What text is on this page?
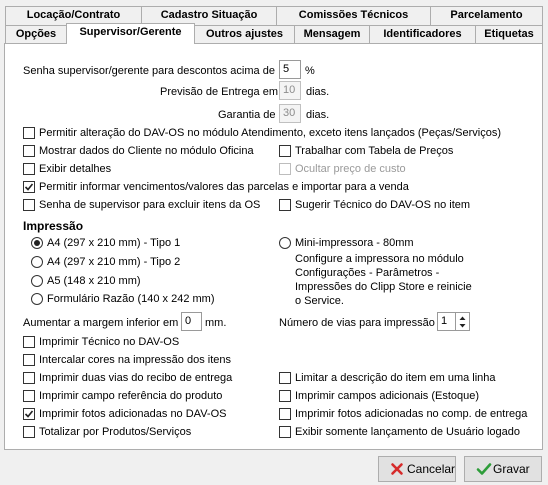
Locação/Contrato	Cadastro Situação	Comissões Técnicos	Parcelamento
Opções	Supervisor/Gerente	Outros ajustes	Mensagem	Identificadores	Etiquetas
Senha supervisor/gerente para descontos acima de 5	%
Previsão de Entrega em 10 dias.
Garantia de 30 dias.
Permitir alteração do DAV-OS no módulo Atendimento, exceto itens lançados (Peças/Serviços)
Mostrar dados do Cliente no módulo Oficina	Trabalhar com Tabela de Preços
Exibir detalhes	Ocultar preço de custo
Permitir informar vencimentos/valores das parcelas e importar para a venda
Senha de supervisor para excluir itens da OS	Sugerir Técnico do DAV-OS no item
Impressão
A4 (297 x 210 mm) - Tipo 1
A4 (297 x 210 mm) - Tipo 2
A5 (148 x 210 mm)
Formulário Razão (140 x 242 mm)
Mini-impressora - 80mm
Configure a impressora no módulo
Configurações - Parâmetros -
Impressões do Clipp Store e reinicie
o Service.
Aumentar a margem inferior em 0	mm.	Número de vias para impressão 1
Imprimir Técnico no DAV-OS
Intercalar cores na impressão dos itens
Imprimir duas vias do recibo de entrega	Limitar a descrição do item em uma linha
Imprimir campo referência do produto	Imprimir campos adicionais (Estoque)
Imprimir fotos adicionadas no DAV-OS	Imprimir fotos adicionadas no comp. de entrega
Totalizar por Produtos/Serviços	Exibir somente lançamento de Usuário logado
Cancelar	Gravar
